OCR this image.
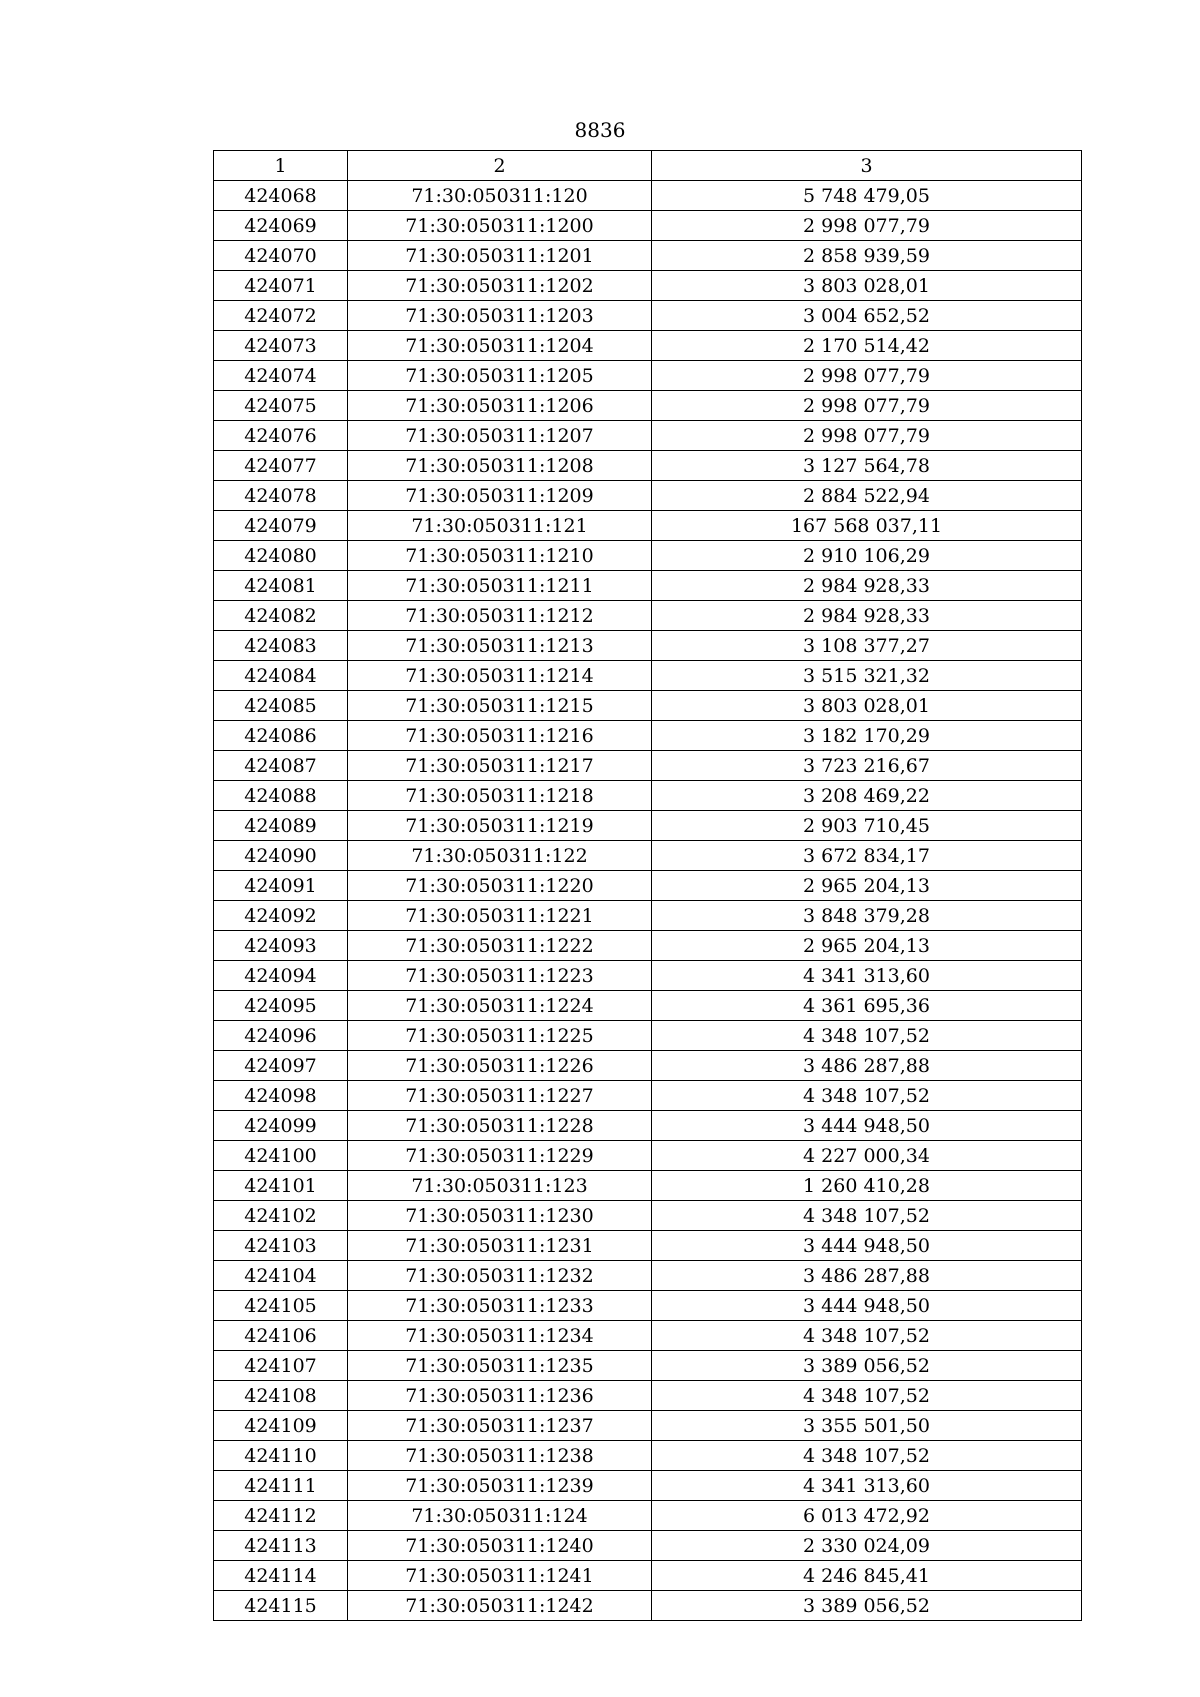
8836
1	2	3
424068	71:30:050311:120	5 748 479,05
424069	71:30:050311:1200	2 998 077,79
424070	71:30:050311:1201	2 858 939,59
424071	71:30:050311:1202	3 803 028,01
424072	71:30:050311:1203	3 004 652,52
424073	71:30:050311:1204	2 170 514,42
424074	71:30:050311:1205	2 998 077,79
424075	71:30:050311:1206	2 998 077,79
424076	71:30:050311:1207	2 998 077,79
424077	71:30:050311:1208	3 127 564,78
424078	71:30:050311:1209	2 884 522,94
424079	71:30:050311:121	167 568 037,11
424080	71:30:050311:1210	2 910 106,29
424081	71:30:050311:1211	2 984 928,33
424082	71:30:050311:1212	2 984 928,33
424083	71:30:050311:1213	3 108 377,27
424084	71:30:050311:1214	3 515 321,32
424085	71:30:050311:1215	3 803 028,01
424086	71:30:050311:1216	3 182 170,29
424087	71:30:050311:1217	3 723 216,67
424088	71:30:050311:1218	3 208 469,22
424089	71:30:050311:1219	2 903 710,45
424090	71:30:050311:122	3 672 834,17
424091	71:30:050311:1220	2 965 204,13
424092	71:30:050311:1221	3 848 379,28
424093	71:30:050311:1222	2 965 204,13
424094	71:30:050311:1223	4 341 313,60
424095	71:30:050311:1224	4 361 695,36
424096	71:30:050311:1225	4 348 107,52
424097	71:30:050311:1226	3 486 287,88
424098	71:30:050311:1227	4 348 107,52
424099	71:30:050311:1228	3 444 948,50
424100	71:30:050311:1229	4 227 000,34
424101	71:30:050311:123	1 260 410,28
424102	71:30:050311:1230	4 348 107,52
424103	71:30:050311:1231	3 444 948,50
424104	71:30:050311:1232	3 486 287,88
424105	71:30:050311:1233	3 444 948,50
424106	71:30:050311:1234	4 348 107,52
424107	71:30:050311:1235	3 389 056,52
424108	71:30:050311:1236	4 348 107,52
424109	71:30:050311:1237	3 355 501,50
424110	71:30:050311:1238	4 348 107,52
424111	71:30:050311:1239	4 341 313,60
424112	71:30:050311:124	6 013 472,92
424113	71:30:050311:1240	2 330 024,09
424114	71:30:050311:1241	4 246 845,41
424115	71:30:050311:1242	3 389 056,52
